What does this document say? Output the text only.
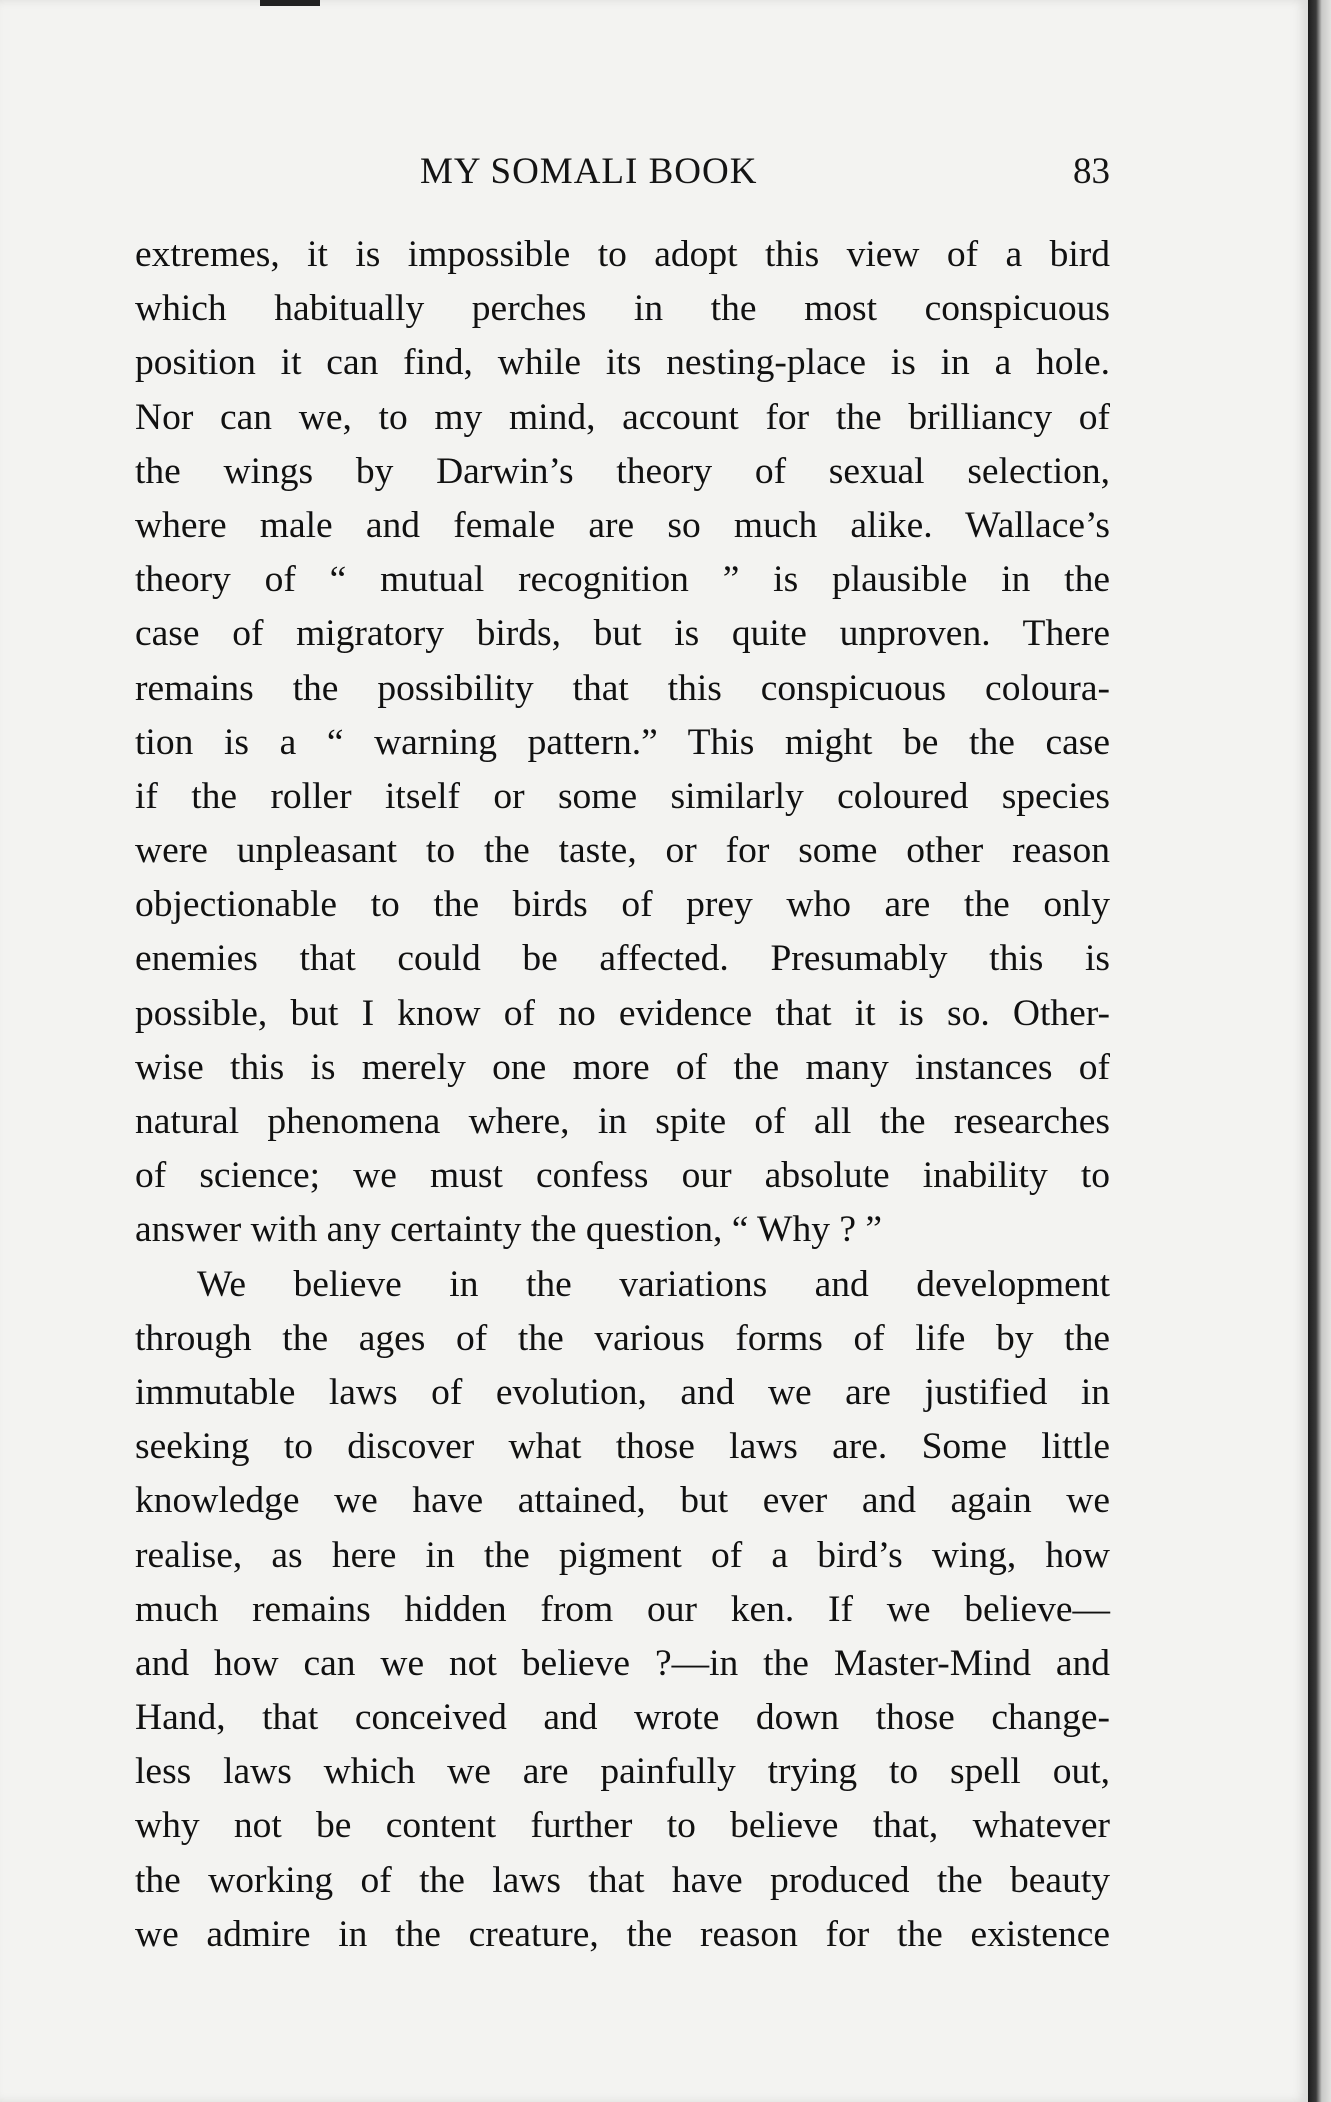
MY SOMALI BOOK	83
extremes, it is impossible to adopt this view of a bird
which habitually perches in the most conspicuous
position it can find, while its nesting-place is in a hole.
Nor can we, to my mind, account for the brilliancy of
the wings by Darwin’s theory of sexual selection,
where male and female are so much alike. Wallace’s
theory of “ mutual recognition ” is plausible in the
case of migratory birds, but is quite unproven. There
remains the possibility that this conspicuous coloura-
tion is a “ warning pattern.” This might be the case
if the roller itself or some similarly coloured species
were unpleasant to the taste, or for some other reason
objectionable to the birds of prey who are the only
enemies that could be affected. Presumably this is
possible, but I know of no evidence that it is so. Other-
wise this is merely one more of the many instances of
natural phenomena where, in spite of all the researches
of science; we must confess our absolute inability to
answer with any certainty the question, “ Why ? ”
We believe in the variations and development
through the ages of the various forms of life by the
immutable laws of evolution, and we are justified in
seeking to discover what those laws are. Some little
knowledge we have attained, but ever and again we
realise, as here in the pigment of a bird’s wing, how
much remains hidden from our ken. If we believe—
and how can we not believe ?—in the Master-Mind and
Hand, that conceived and wrote down those change-
less laws which we are painfully trying to spell out,
why not be content further to believe that, whatever
the working of the laws that have produced the beauty
we admire in the creature, the reason for the existence
